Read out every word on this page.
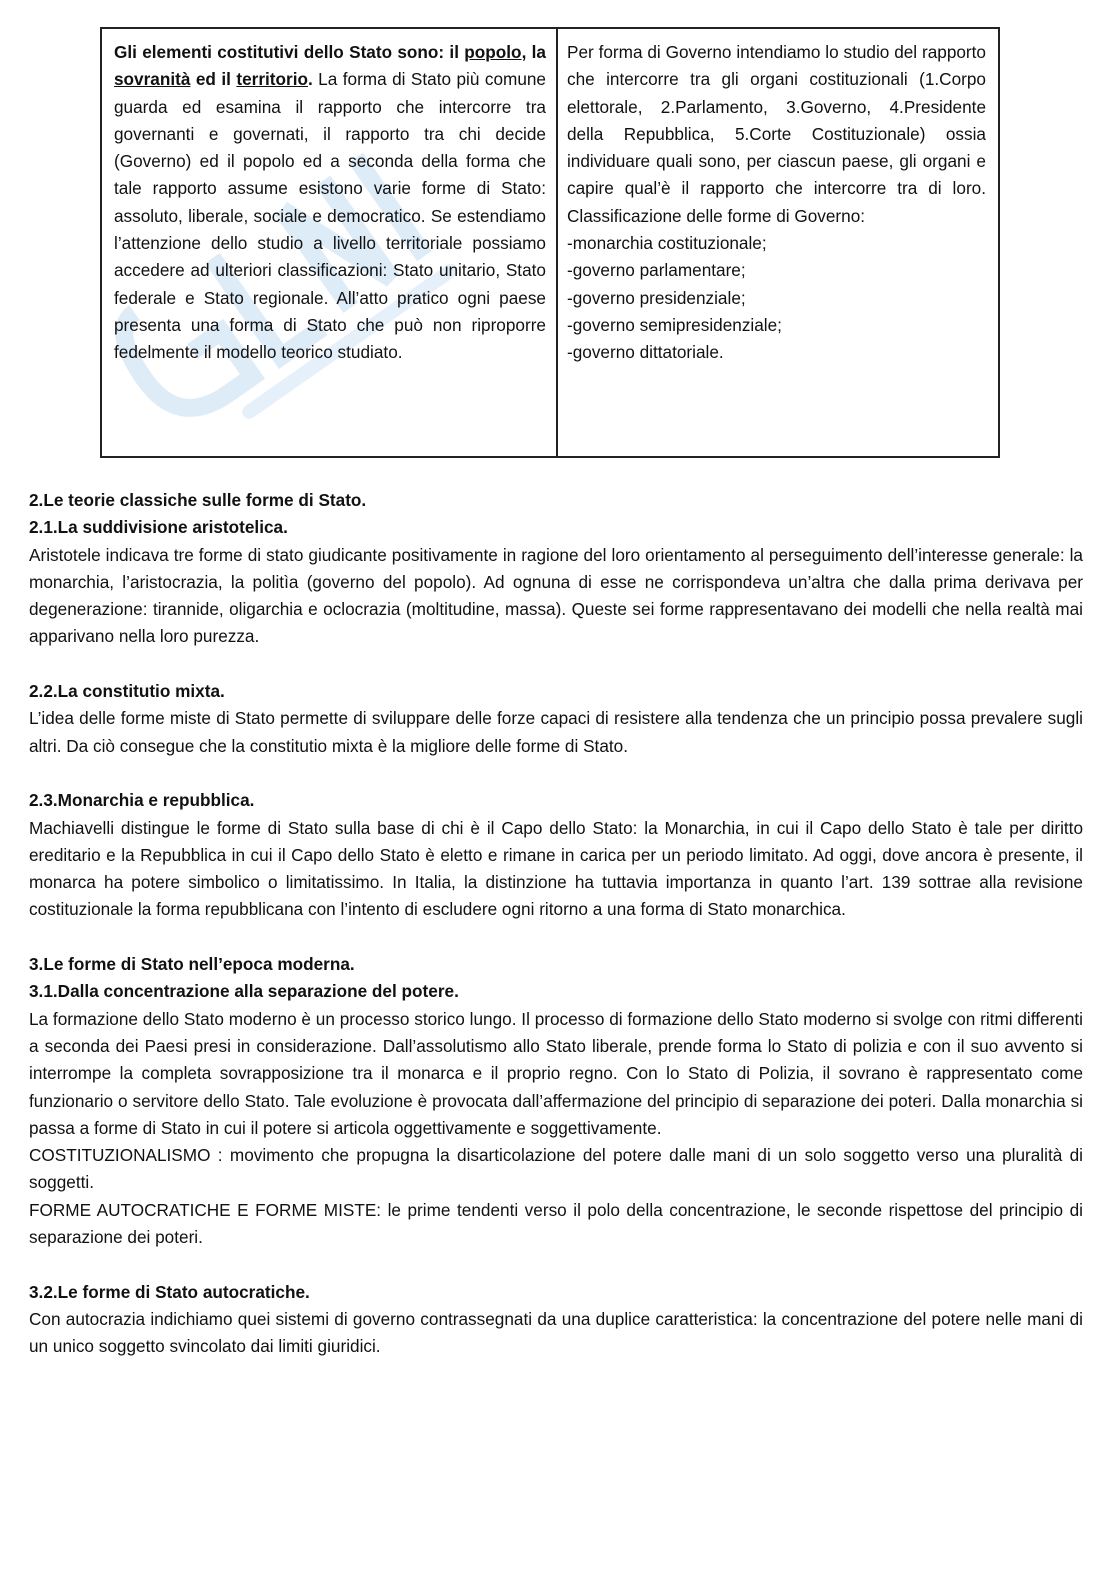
Gli elementi costitutivi dello Stato sono: il popolo, la sovranità ed il territorio. La forma di Stato più comune guarda ed esamina il rapporto che intercorre tra governanti e governati, il rapporto tra chi decide (Governo) ed il popolo ed a seconda della forma che tale rapporto assume esistono varie forme di Stato: assoluto, liberale, sociale e democratico. Se estendiamo l’attenzione dello studio a livello territoriale possiamo accedere ad ulteriori classificazioni: Stato unitario, Stato federale e Stato regionale. All’atto pratico ogni paese presenta una forma di Stato che può non riproporre fedelmente il modello teorico studiato.
Per forma di Governo intendiamo lo studio del rapporto che intercorre tra gli organi costituzionali (1.Corpo elettorale, 2.Parlamento, 3.Governo, 4.Presidente della Repubblica, 5.Corte Costituzionale) ossia individuare quali sono, per ciascun paese, gli organi e capire qual’è il rapporto che intercorre tra di loro. Classificazione delle forme di Governo:
-monarchia costituzionale;
-governo parlamentare;
-governo presidenziale;
-governo semipresidenziale;
-governo dittatoriale.
2.Le teorie classiche sulle forme di Stato.
2.1.La suddivisione aristotelica.

Aristotele indicava tre forme di stato giudicante positivamente in ragione del loro orientamento al perseguimento dell’interesse generale: la monarchia, l’aristocrazia, la politìa (governo del popolo). Ad ognuna di esse ne corrispondeva un’altra che dalla prima derivava per degenerazione: tirannide, oligarchia e oclocrazia (moltitudine, massa). Queste sei forme rappresentavano dei modelli che nella realtà mai apparivano nella loro purezza.

2.2.La constitutio mixta.

L’idea delle forme miste di Stato permette di sviluppare delle forze capaci di resistere alla tendenza che un principio possa prevalere sugli altri. Da ciò consegue che la constitutio mixta è la migliore delle forme di Stato.

2.3.Monarchia e repubblica.

Machiavelli distingue le forme di Stato sulla base di chi è il Capo dello Stato: la Monarchia, in cui il Capo dello Stato è tale per diritto ereditario e la Repubblica in cui il Capo dello Stato è eletto e rimane in carica per un periodo limitato. Ad oggi, dove ancora è presente, il monarca ha potere simbolico o limitatissimo. In Italia, la distinzione ha tuttavia importanza in quanto l’art. 139 sottrae alla revisione costituzionale la forma repubblicana con l’intento di escludere ogni ritorno a una forma di Stato monarchica.

3.Le forme di Stato nell’epoca moderna.
3.1.Dalla concentrazione alla separazione del potere.

La formazione dello Stato moderno è un processo storico lungo. Il processo di formazione dello Stato moderno si svolge con ritmi differenti a seconda dei Paesi presi in considerazione. Dall’assolutismo allo Stato liberale, prende forma lo Stato di polizia e con il suo avvento si interrompe la completa sovrapposizione tra il monarca e il proprio regno. Con lo Stato di Polizia, il sovrano è rappresentato come funzionario o servitore dello Stato. Tale evoluzione è provocata dall’affermazione del principio di separazione dei poteri. Dalla monarchia si passa a forme di Stato in cui il potere si articola oggettivamente e soggettivamente.

COSTITUZIONALISMO : movimento che propugna la disarticolazione del potere dalle mani di un solo soggetto verso una pluralità di soggetti.

FORME AUTOCRATICHE E FORME MISTE: le prime tendenti verso il polo della concentrazione, le seconde rispettose del principio di separazione dei poteri.

3.2.Le forme di Stato autocratiche.

Con autocrazia indichiamo quei sistemi di governo contrassegnati da una duplice caratteristica: la concentrazione del potere nelle mani di un unico soggetto svincolato dai limiti giuridici.
